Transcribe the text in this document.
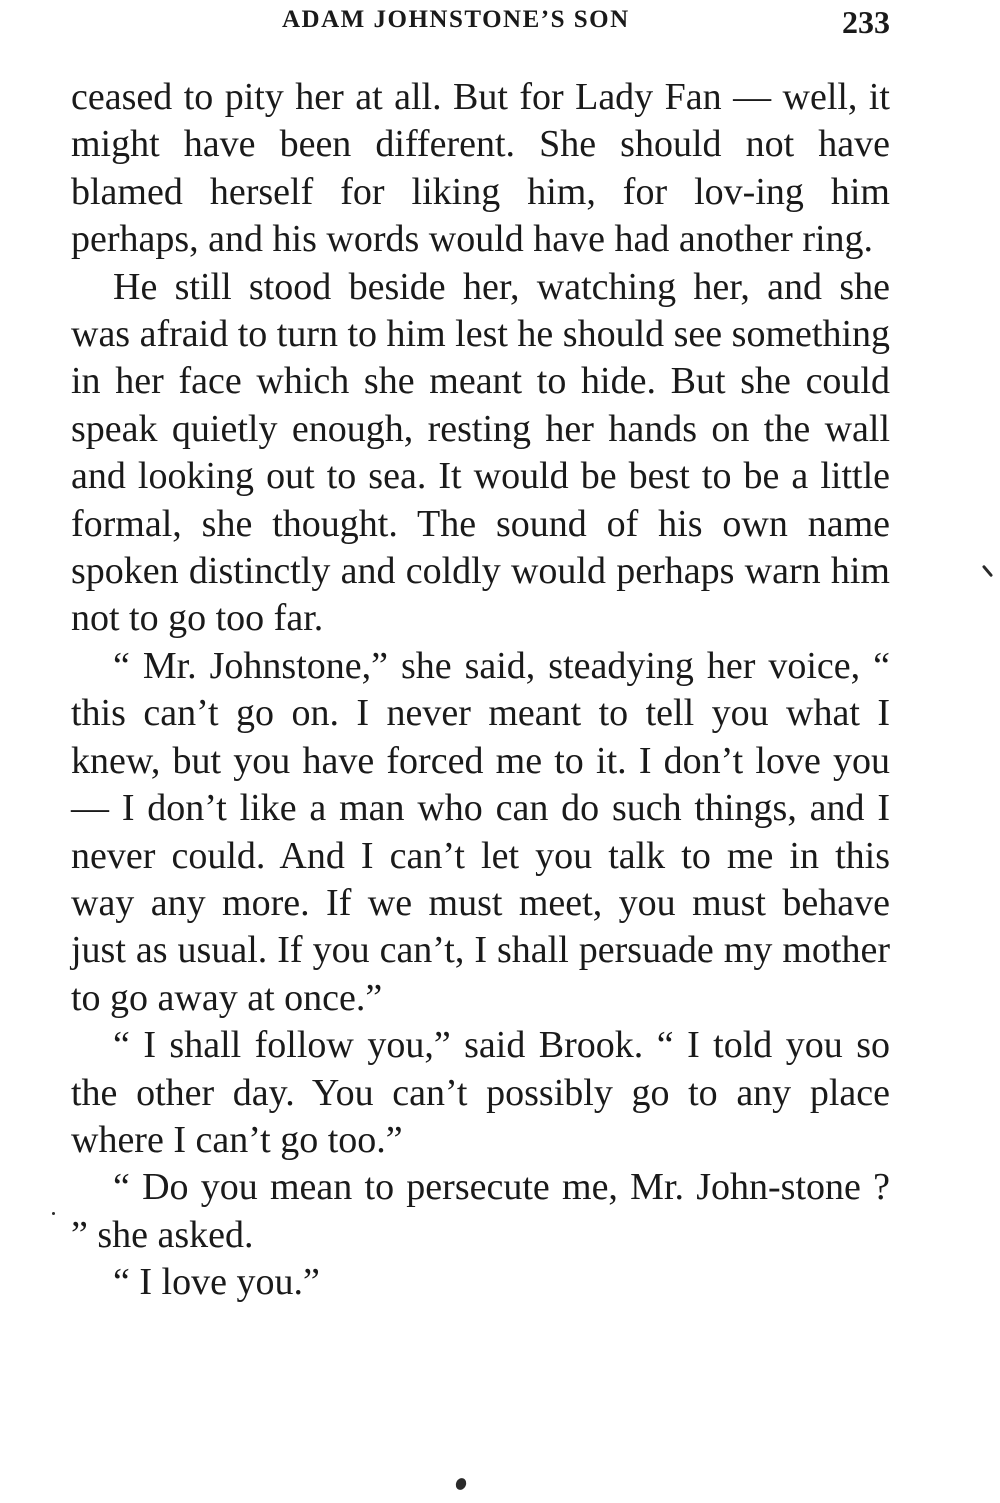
ADAM JOHNSTONE’S SON	233

ceased to pity her at all. But for Lady Fan — well, it might have been different. She should not have blamed herself for liking him, for lov-ing him perhaps, and his words would have had another ring.

He still stood beside her, watching her, and she was afraid to turn to him lest he should see something in her face which she meant to hide. But she could speak quietly enough, resting her hands on the wall and looking out to sea. It would be best to be a little formal, she thought. The sound of his own name spoken distinctly and coldly would perhaps warn him not to go too far.

“ Mr. Johnstone,” she said, steadying her voice, “ this can’t go on. I never meant to tell you what I knew, but you have forced me to it. I don’t love you — I don’t like a man who can do such things, and I never could. And I can’t let you talk to me in this way any more. If we must meet, you must behave just as usual. If you can’t, I shall persuade my mother to go away at once.”

“ I shall follow you,” said Brook. “ I told you so the other day. You can’t possibly go to any place where I can’t go too.”

“ Do you mean to persecute me, Mr. John-stone ? ” she asked.

“ I love you.”
